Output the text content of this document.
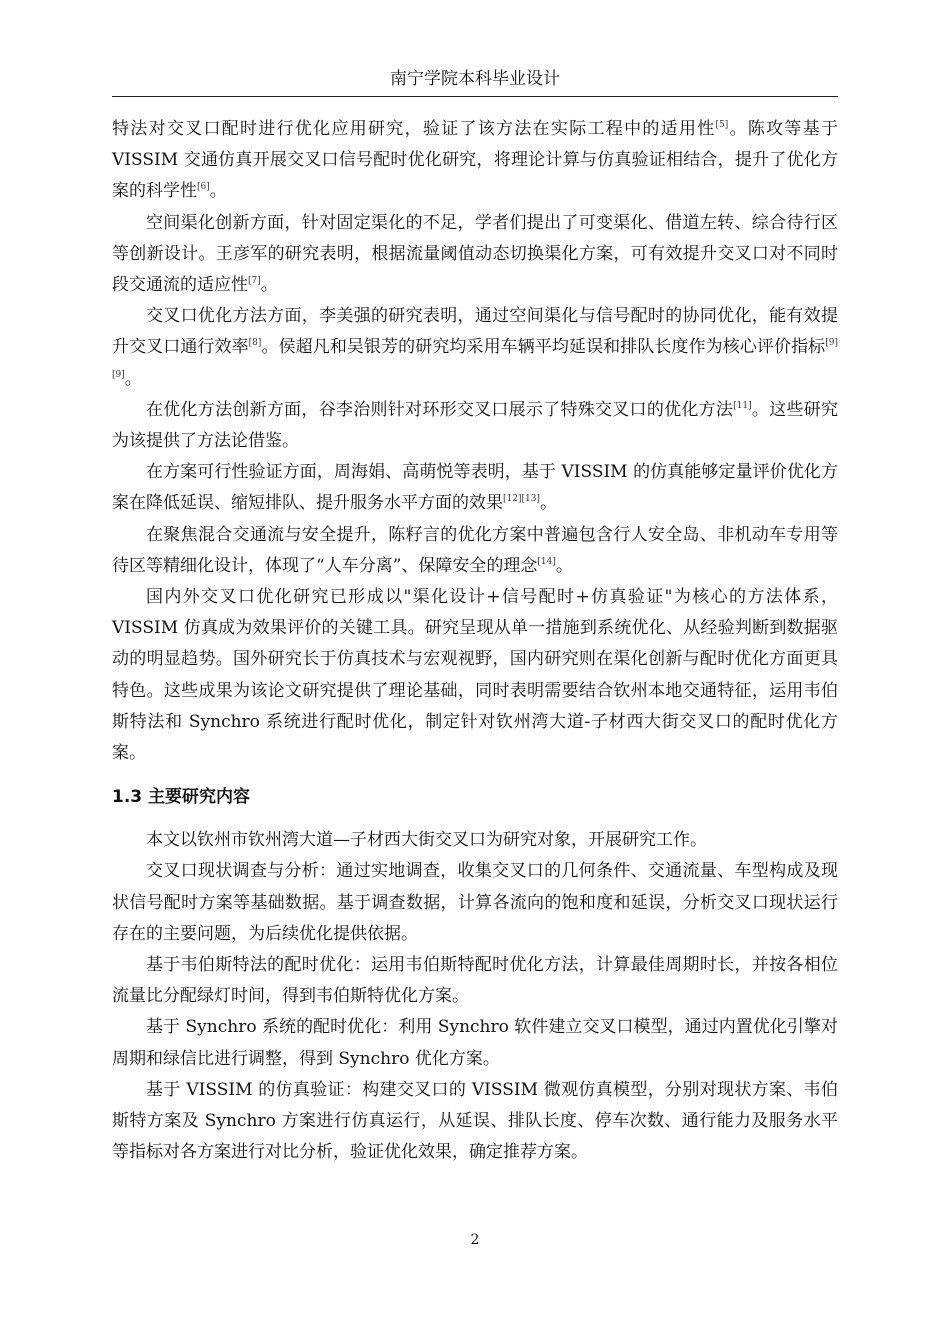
南宁学院本科毕业设计

特法对交叉口配时进行优化应用研究，验证了该方法在实际工程中的适用性[5]。陈攻等基于 VISSIM 交通仿真开展交叉口信号配时优化研究，将理论计算与仿真验证相结合，提升了优化方案的科学性[6]。

空间渠化创新方面，针对固定渠化的不足，学者们提出了可变渠化、借道左转、综合待行区等创新设计。王彦军的研究表明，根据流量阈值动态切换渠化方案，可有效提升交叉口对不同时段交通流的适应性[7]。

交叉口优化方法方面，李美强的研究表明，通过空间渠化与信号配时的协同优化，能有效提升交叉口通行效率[8]。侯超凡和吴银芳的研究均采用车辆平均延误和排队长度作为核心评价指标[9][9]。

在优化方法创新方面，谷李治则针对环形交叉口展示了特殊交叉口的优化方法[11]。这些研究为该提供了方法论借鉴。

在方案可行性验证方面，周海娟、高萌悦等表明，基于 VISSIM 的仿真能够定量评价优化方案在降低延误、缩短排队、提升服务水平方面的效果[12][13]。

在聚焦混合交通流与安全提升，陈籽言的优化方案中普遍包含行人安全岛、非机动车专用等待区等精细化设计，体现了“人车分离”、保障安全的理念[14]。

国内外交叉口优化研究已形成以"渠化设计+信号配时+仿真验证"为核心的方法体系，VISSIM 仿真成为效果评价的关键工具。研究呈现从单一措施到系统优化、从经验判断到数据驱动的明显趋势。国外研究长于仿真技术与宏观视野，国内研究则在渠化创新与配时优化方面更具特色。这些成果为该论文研究提供了理论基础，同时表明需要结合钦州本地交通特征，运用韦伯斯特法和 Synchro 系统进行配时优化，制定针对钦州湾大道-子材西大街交叉口的配时优化方案。

1.3 主要研究内容

本文以钦州市钦州湾大道—子材西大街交叉口为研究对象，开展研究工作。

交叉口现状调查与分析：通过实地调查，收集交叉口的几何条件、交通流量、车型构成及现状信号配时方案等基础数据。基于调查数据，计算各流向的饱和度和延误，分析交叉口现状运行存在的主要问题，为后续优化提供依据。

基于韦伯斯特法的配时优化：运用韦伯斯特配时优化方法，计算最佳周期时长，并按各相位流量比分配绿灯时间，得到韦伯斯特优化方案。

基于 Synchro 系统的配时优化：利用 Synchro 软件建立交叉口模型，通过内置优化引擎对周期和绿信比进行调整，得到 Synchro 优化方案。

基于 VISSIM 的仿真验证：构建交叉口的 VISSIM 微观仿真模型，分别对现状方案、韦伯斯特方案及 Synchro 方案进行仿真运行，从延误、排队长度、停车次数、通行能力及服务水平等指标对各方案进行对比分析，验证优化效果，确定推荐方案。

2
